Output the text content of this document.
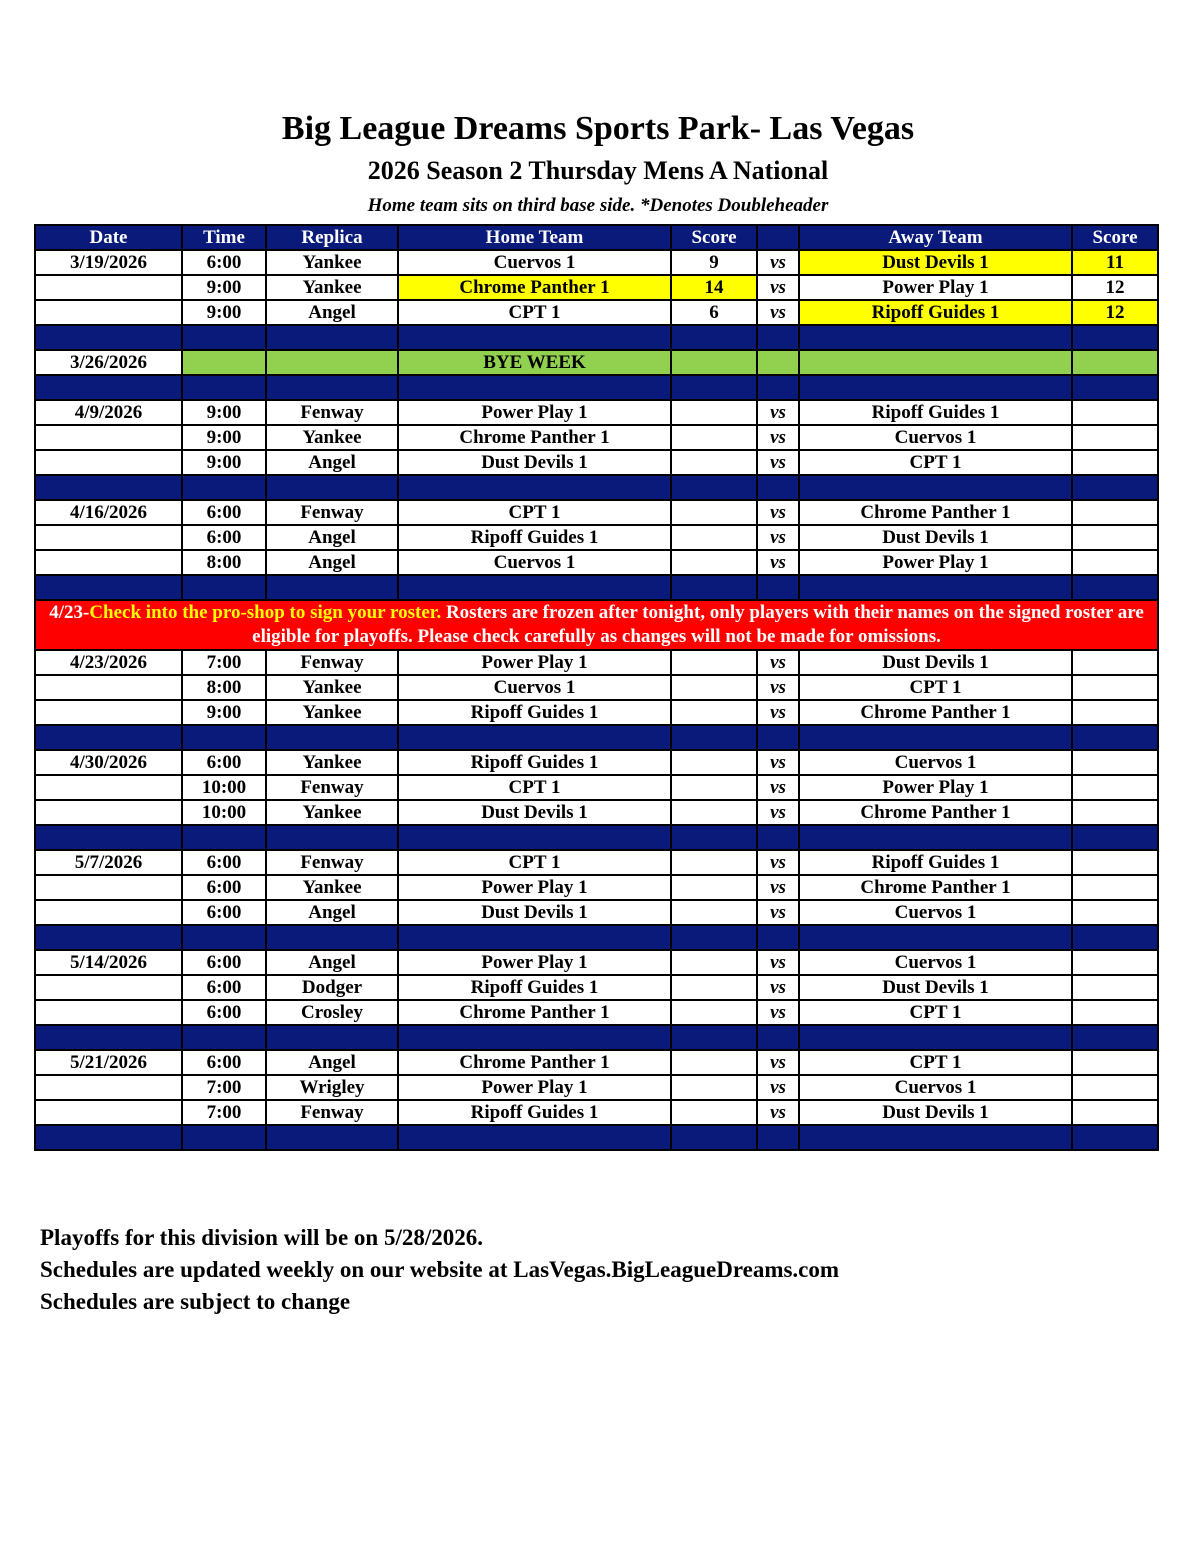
Big League Dreams Sports Park- Las Vegas
2026 Season 2 Thursday Mens A National

Home team sits on third base side. *Denotes Doubleheader

Date	Time	Replica	Home Team	Score		Away Team	Score
3/19/2026	6:00	Yankee	Cuervos 1	9	vs	Dust Devils 1	11
	9:00	Yankee	Chrome Panther 1	14	vs	Power Play 1	12
	9:00	Angel	CPT 1	6	vs	Ripoff Guides 1	12

3/26/2026			BYE WEEK				

4/9/2026	9:00	Fenway	Power Play 1		vs	Ripoff Guides 1	
	9:00	Yankee	Chrome Panther 1		vs	Cuervos 1	
	9:00	Angel	Dust Devils 1		vs	CPT 1	

4/16/2026	6:00	Fenway	CPT 1		vs	Chrome Panther 1	
	6:00	Angel	Ripoff Guides 1		vs	Dust Devils 1	
	8:00	Angel	Cuervos 1		vs	Power Play 1	

4/23-Check into the pro-shop to sign your roster. Rosters are frozen after tonight, only players with their names on the signed roster are eligible for playoffs. Please check carefully as changes will not be made for omissions.							
4/23/2026	7:00	Fenway	Power Play 1		vs	Dust Devils 1	
	8:00	Yankee	Cuervos 1		vs	CPT 1	
	9:00	Yankee	Ripoff Guides 1		vs	Chrome Panther 1	

4/30/2026	6:00	Yankee	Ripoff Guides 1		vs	Cuervos 1	
	10:00	Fenway	CPT 1		vs	Power Play 1	
	10:00	Yankee	Dust Devils 1		vs	Chrome Panther 1	

5/7/2026	6:00	Fenway	CPT 1		vs	Ripoff Guides 1	
	6:00	Yankee	Power Play 1		vs	Chrome Panther 1	
	6:00	Angel	Dust Devils 1		vs	Cuervos 1	

5/14/2026	6:00	Angel	Power Play 1		vs	Cuervos 1	
	6:00	Dodger	Ripoff Guides 1		vs	Dust Devils 1	
	6:00	Crosley	Chrome Panther 1		vs	CPT 1	

5/21/2026	6:00	Angel	Chrome Panther 1		vs	CPT 1	
	7:00	Wrigley	Power Play 1		vs	Cuervos 1	
	7:00	Fenway	Ripoff Guides 1		vs	Dust Devils 1	

Playoffs for this division will be on 5/28/2026.

Schedules are updated weekly on our website at LasVegas.BigLeagueDreams.com

Schedules are subject to change
